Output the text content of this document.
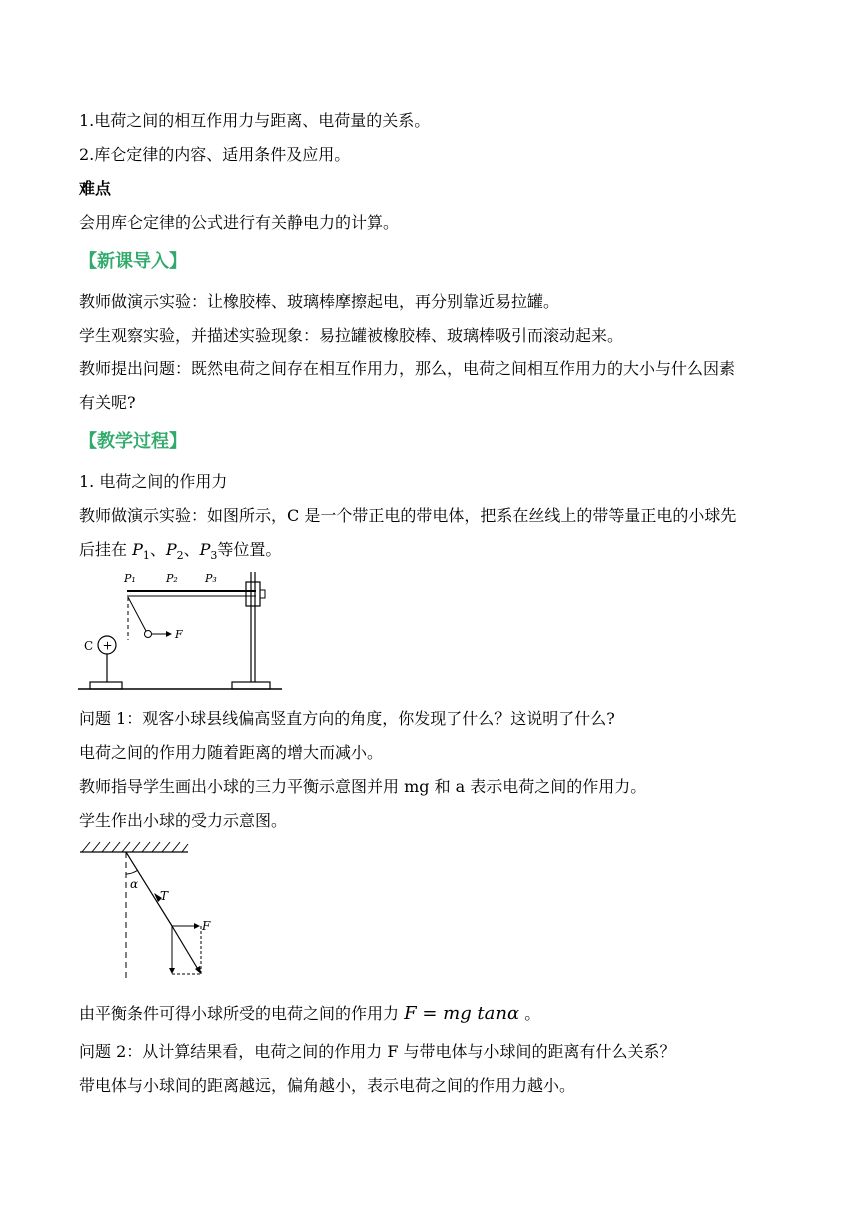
1.电荷之间的相互作用力与距离、电荷量的关系。
2.库仑定律的内容、适用条件及应用。
难点
会用库仑定律的公式进行有关静电力的计算。
【新课导入】
教师做演示实验：让橡胶棒、玻璃棒摩擦起电，再分别靠近易拉罐。
学生观察实验，并描述实验现象：易拉罐被橡胶棒、玻璃棒吸引而滚动起来。
教师提出问题：既然电荷之间存在相互作用力，那么，电荷之间相互作用力的大小与什么因素
有关呢?
【教学过程】
1. 电荷之间的作用力
教师做演示实验：如图所示，C 是一个带正电的带电体，把系在丝线上的带等量正电的小球先
后挂在 $P_1$、$P_2$、$P_3$等位置。
P₁	P₂ P₃
F
C +
问题 1：观客小球县线偏高竖直方向的角度，你发现了什么？这说明了什么?
电荷之间的作用力随着距离的增大而减小。
教师指导学生画出小球的三力平衡示意图并用 mg 和 a 表示电荷之间的作用力。
学生作出小球的受力示意图。
α
T
F
由平衡条件可得小球所受的电荷之间的作用力 F = mg tanα 。
问题 2：从计算结果看，电荷之间的作用力 F 与带电体与小球间的距离有什么关系？
带电体与小球间的距离越远，偏角越小，表示电荷之间的作用力越小。
